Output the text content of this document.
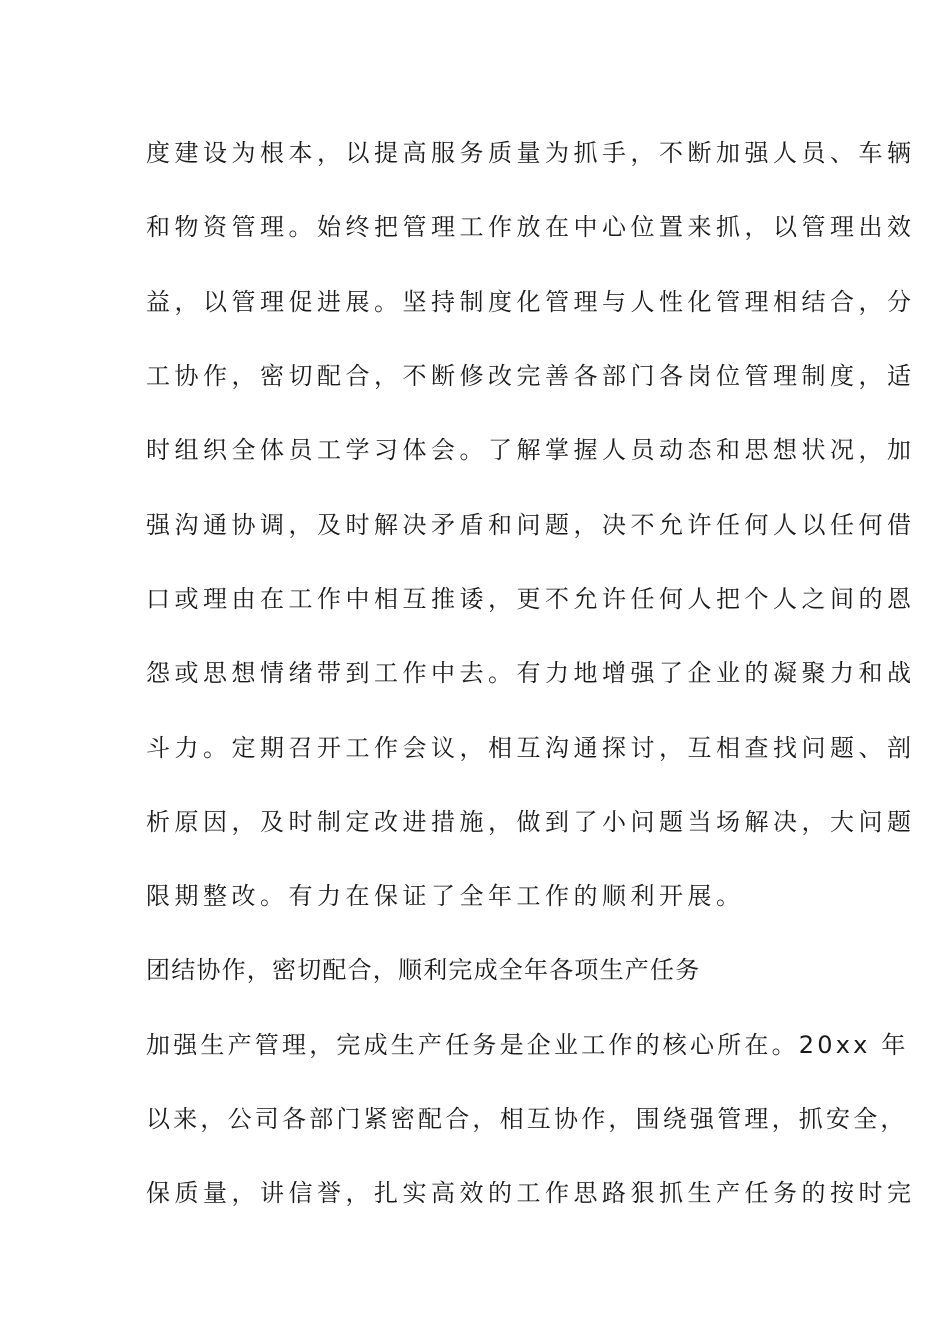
度建设为根本，以提高服务质量为抓手，不断加强人员、车辆
和物资管理。始终把管理工作放在中心位置来抓，以管理出效
益，以管理促进展。坚持制度化管理与人性化管理相结合，分
工协作，密切配合，不断修改完善各部门各岗位管理制度，适
时组织全体员工学习体会。了解掌握人员动态和思想状况，加
强沟通协调，及时解决矛盾和问题，决不允许任何人以任何借
口或理由在工作中相互推诿，更不允许任何人把个人之间的恩
怨或思想情绪带到工作中去。有力地增强了企业的凝聚力和战
斗力。定期召开工作会议，相互沟通探讨，互相查找问题、剖
析原因，及时制定改进措施，做到了小问题当场解决，大问题
限期整改。有力在保证了全年工作的顺利开展。
团结协作，密切配合，顺利完成全年各项生产任务
加强生产管理，完成生产任务是企业工作的核心所在。20xx 年
以来，公司各部门紧密配合，相互协作，围绕强管理，抓安全，
保质量，讲信誉，扎实高效的工作思路狠抓生产任务的按时完
